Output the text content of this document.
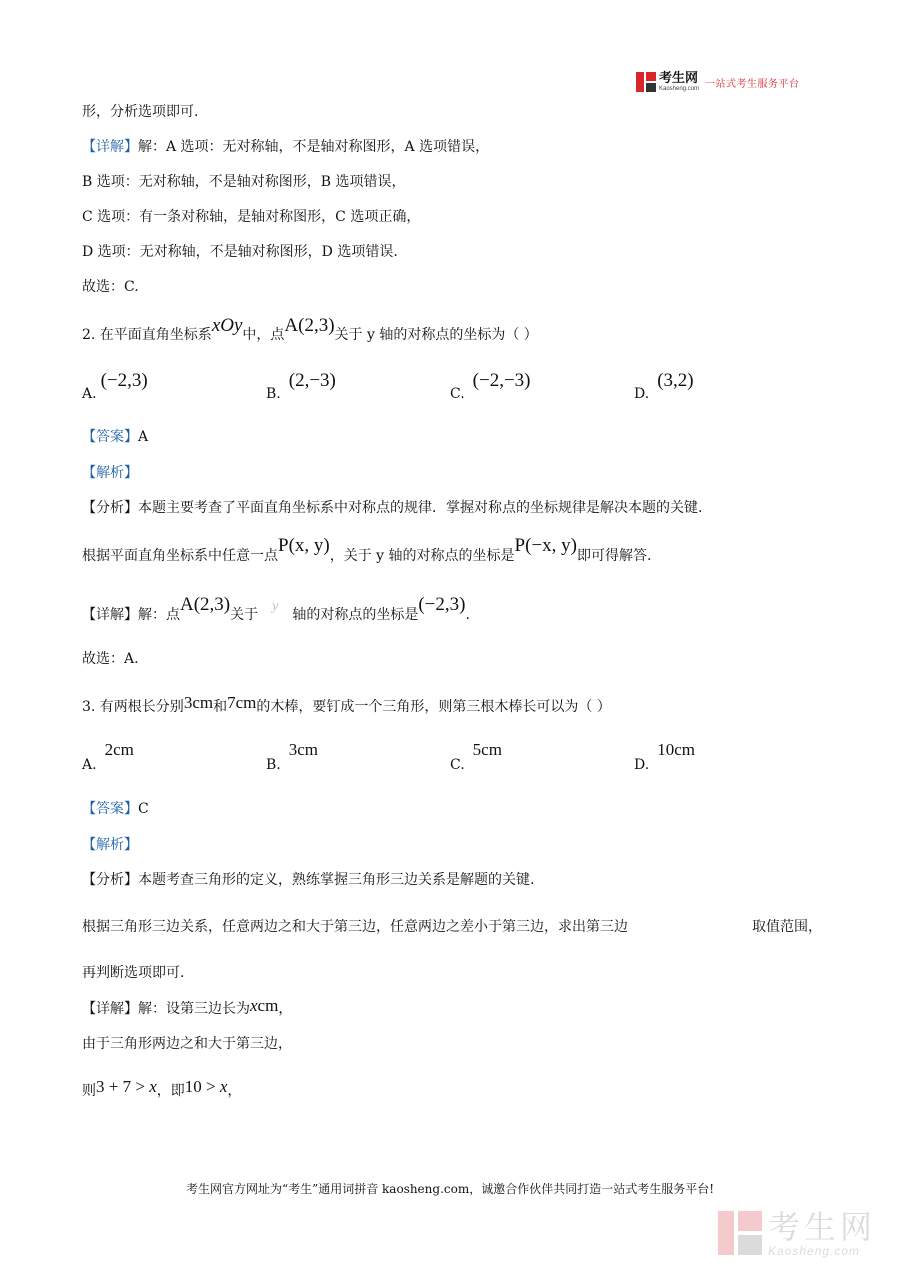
考生网
Kaosheng.com 一站式考生服务平台
形，分析选项即可.
【详解】解：A 选项：无对称轴，不是轴对称图形，A 选项错误，
B 选项：无对称轴，不是轴对称图形，B 选项错误，
C 选项：有一条对称轴，是轴对称图形，C 选项正确，
D 选项：无对称轴，不是轴对称图形，D 选项错误.
故选：C.
2. 在平面直角坐标系xOy中，点A(2,3)关于 y 轴的对称点的坐标为（ ）
A.(−2,3)
B.(2,−3)
C.(−2,−3)
D.(3,2)
【答案】A
【解析】
【分析】本题主要考查了平面直角坐标系中对称点的规律．掌握对称点的坐标规律是解决本题的关键.
根据平面直角坐标系中任意一点P(x, y)，关于 y 轴的对称点的坐标是P(−x, y)即可得解答.
【详解】解：点A(2,3)关于y轴的对称点的坐标是(−2,3).
故选：A.
3. 有两根长分别3cm和7cm的木棒，要钉成一个三角形，则第三根木棒长可以为（ ）
A.2cm
B.3cm
C.5cm
D.10cm
【答案】C
【解析】
【分析】本题考查三角形的定义，熟练掌握三角形三边关系是解题的关键.
根据三角形三边关系，任意两边之和大于第三边，任意两边之差小于第三边，求出第三边	取值范围，
再判断选项即可.
【详解】解：设第三边长为xcm，
由于三角形两边之和大于第三边，
则3 + 7 > x，即10 > x，
考生网官方网址为“考生”通用词拼音 kaosheng.com，诚邀合作伙伴共同打造一站式考生服务平台!
考生网
Kaosheng.com
